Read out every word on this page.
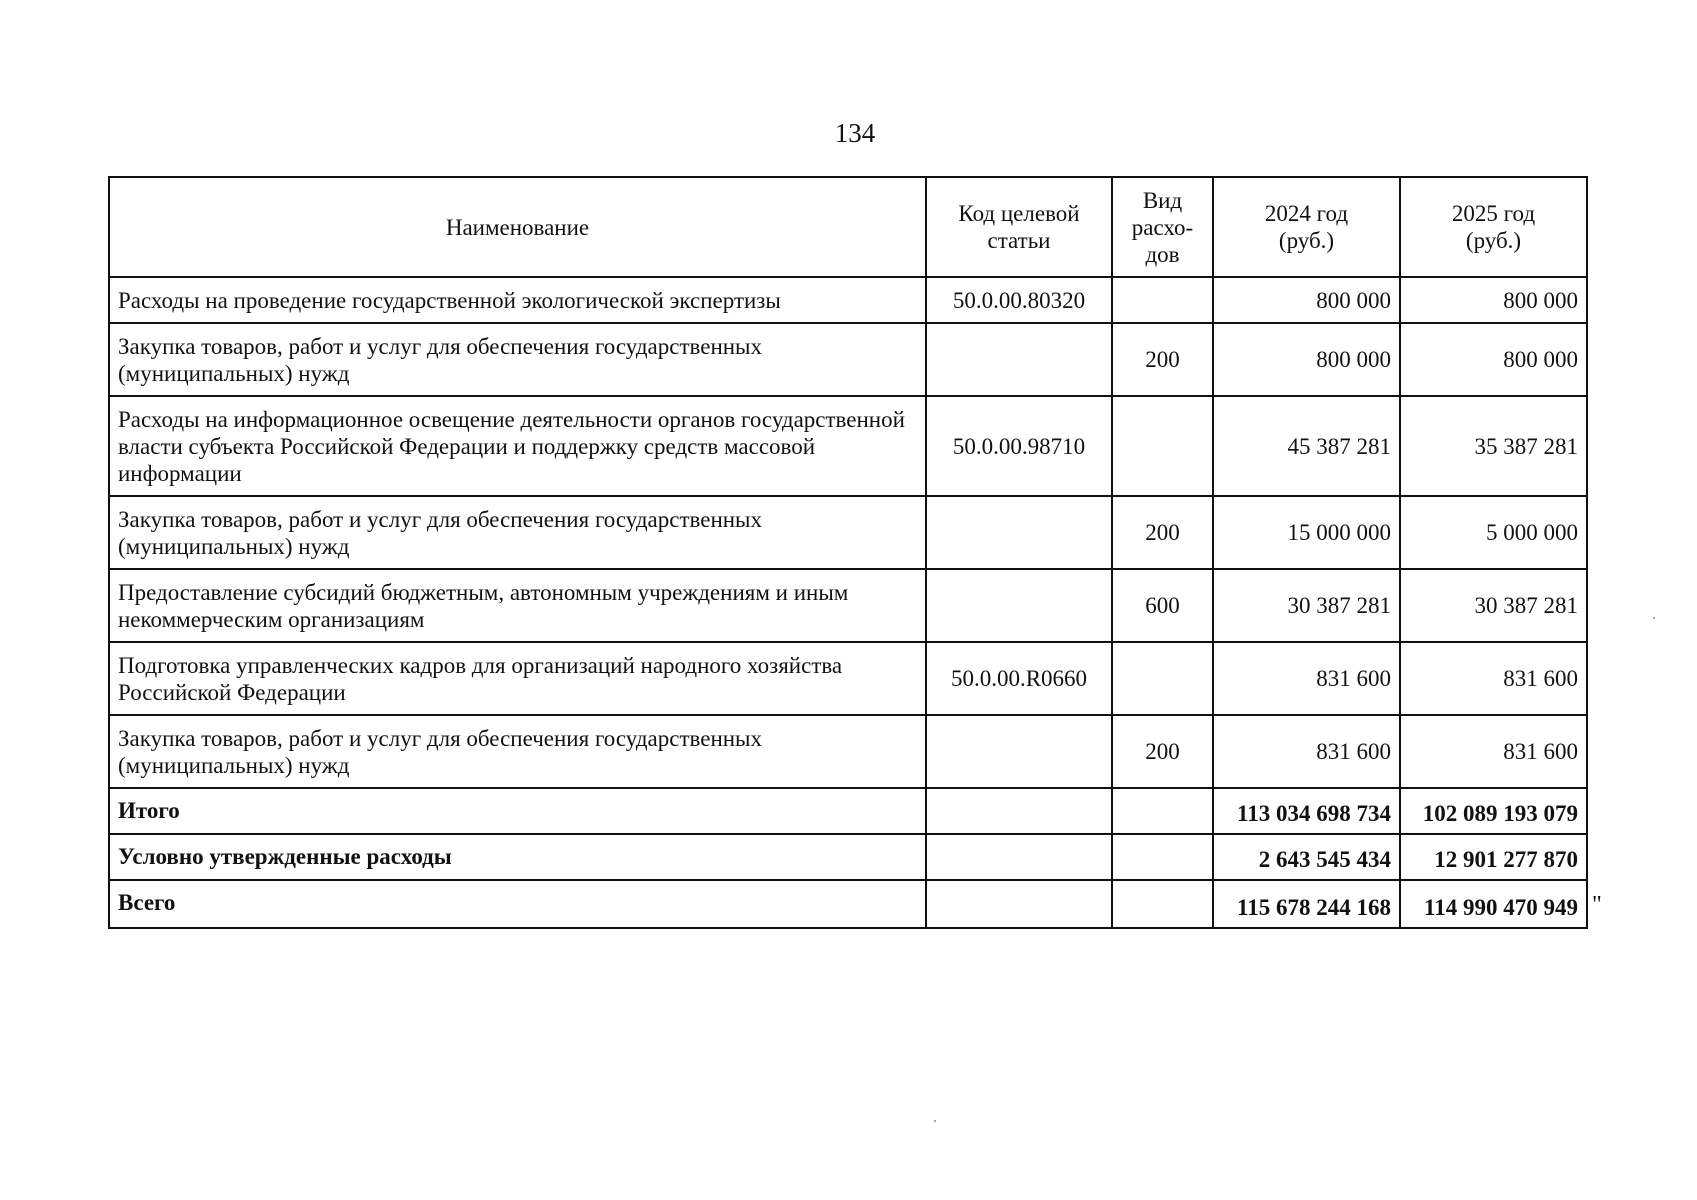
134
Наименование	Код целевой статьи	Вид расхо-дов	2024 год (руб.)	2025 год (руб.)

Расходы на проведение государственной экологической экспертизы	50.0.00.80320		800 000	800 000
Закупка товаров, работ и услуг для обеспечения государственных (муниципальных) нужд		200	800 000	800 000
Расходы на информационное освещение деятельности органов государственной власти субъекта Российской Федерации и поддержку средств массовой информации	50.0.00.98710		45 387 281	35 387 281
Закупка товаров, работ и услуг для обеспечения государственных (муниципальных) нужд		200	15 000 000	5 000 000
Предоставление субсидий бюджетным, автономным учреждениям и иным некоммерческим организациям		600	30 387 281	30 387 281
Подготовка управленческих кадров для организаций народного хозяйства Российской Федерации	50.0.00.R0660		831 600	831 600
Закупка товаров, работ и услуг для обеспечения государственных (муниципальных) нужд		200	831 600	831 600
Итого			113 034 698 734	102 089 193 079
Условно утвержденные расходы			2 643 545 434	12 901 277 870
Всего			115 678 244 168	114 990 470 949 "
